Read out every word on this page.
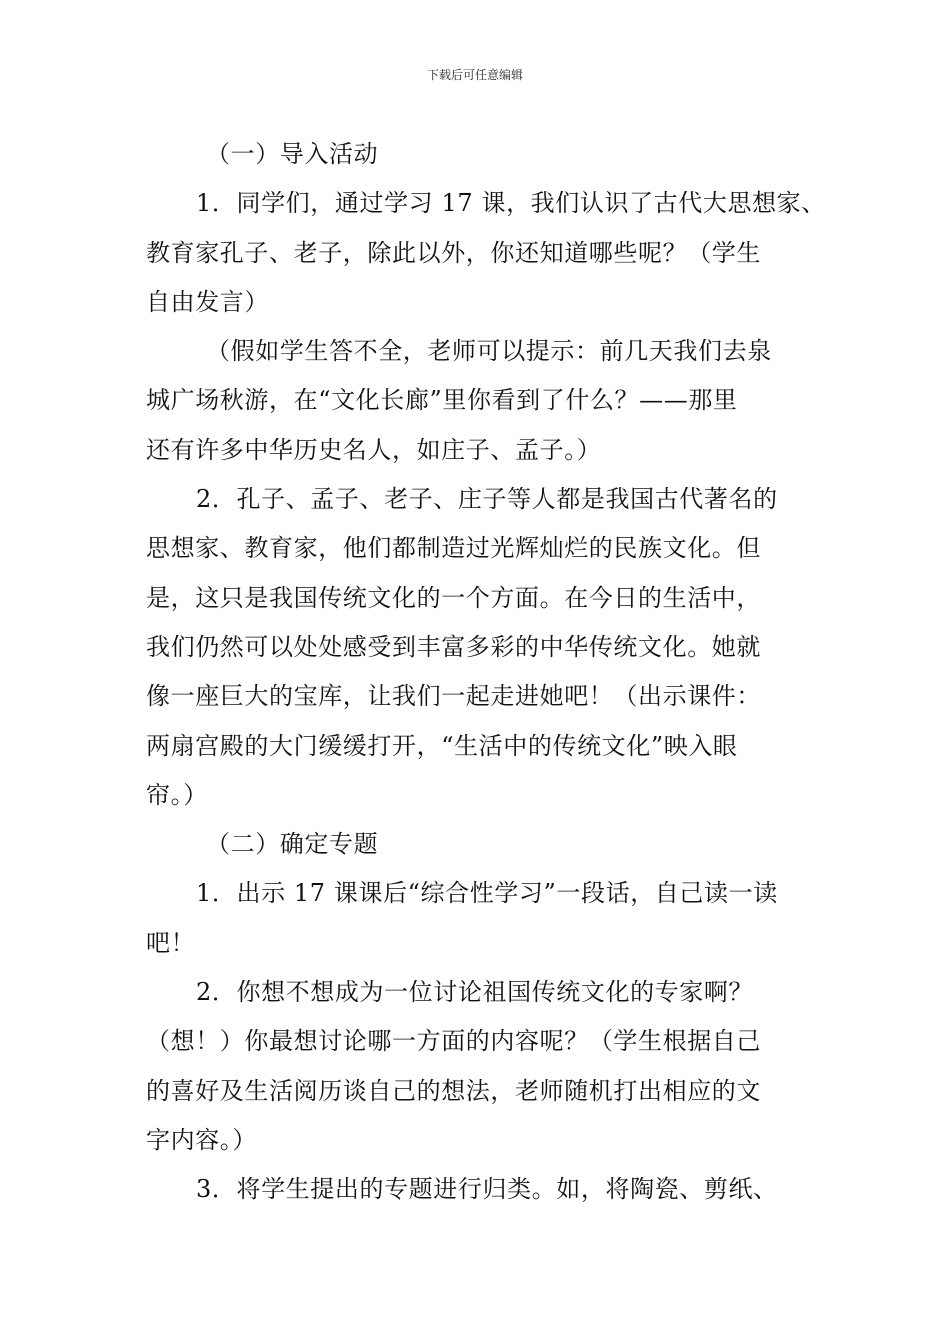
下载后可任意编辑
（一）导入活动
1．同学们，通过学习 17 课，我们认识了古代大思想家、
教育家孔子、老子，除此以外，你还知道哪些呢？（学生
自由发言）
（假如学生答不全，老师可以提示：前几天我们去泉
城广场秋游，在“文化长廊”里你看到了什么？——那里
还有许多中华历史名人，如庄子、孟子。）
2．孔子、孟子、老子、庄子等人都是我国古代著名的
思想家、教育家，他们都制造过光辉灿烂的民族文化。但
是，这只是我国传统文化的一个方面。在今日的生活中，
我们仍然可以处处感受到丰富多彩的中华传统文化。她就
像一座巨大的宝库，让我们一起走进她吧！（出示课件：
两扇宫殿的大门缓缓打开，“生活中的传统文化”映入眼
帘。）
（二）确定专题
1．出示 17 课课后“综合性学习”一段话，自己读一读
吧！
2．你想不想成为一位讨论祖国传统文化的专家啊？
（想！）你最想讨论哪一方面的内容呢？（学生根据自己
的喜好及生活阅历谈自己的想法，老师随机打出相应的文
字内容。）
3．将学生提出的专题进行归类。如，将陶瓷、剪纸、
